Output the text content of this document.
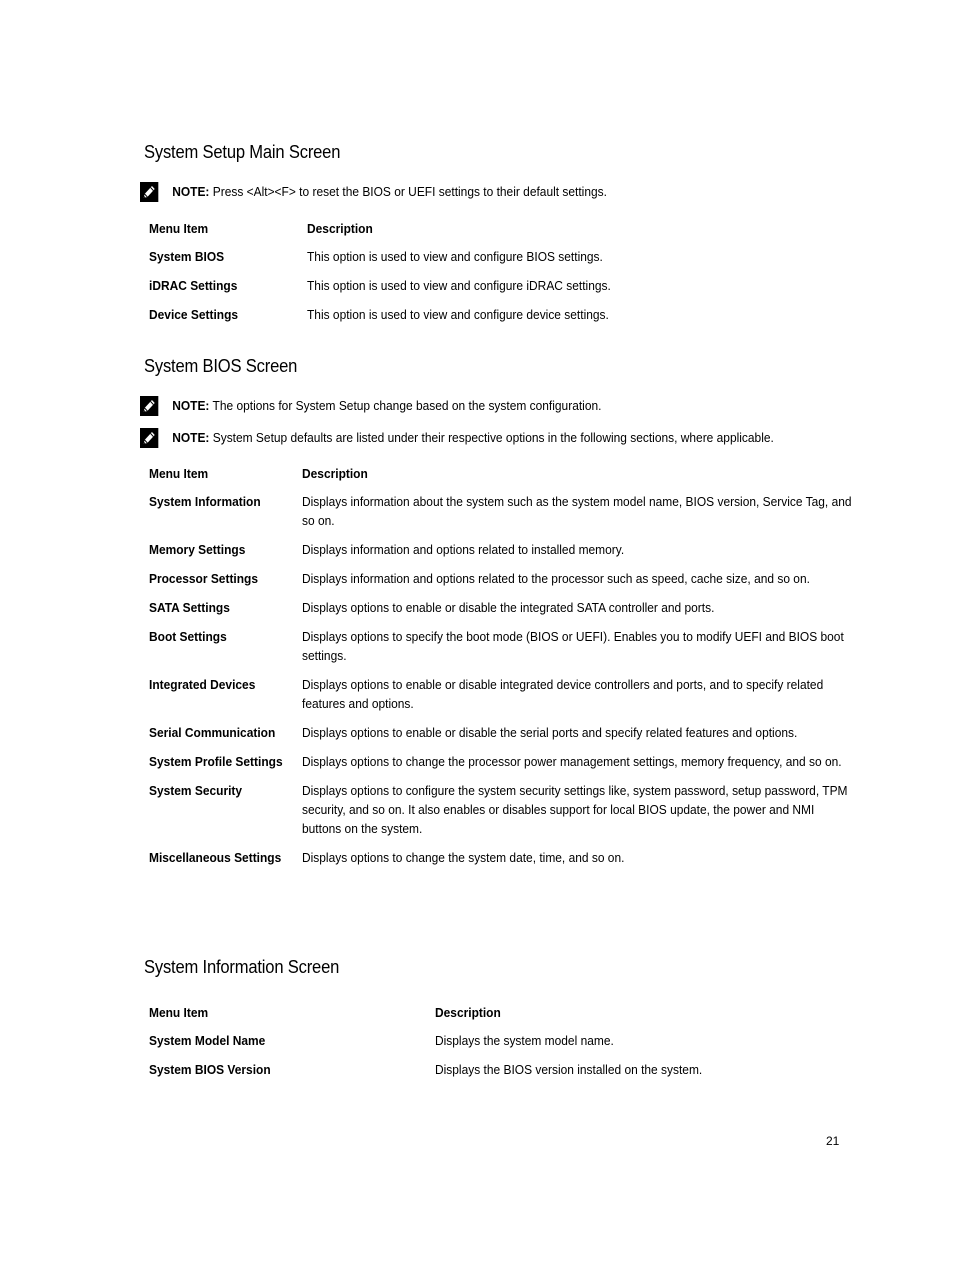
System Setup Main Screen
NOTE: Press <Alt><F> to reset the BIOS or UEFI settings to their default settings.
Menu Item	Description
System BIOS	This option is used to view and configure BIOS settings.
iDRAC Settings	This option is used to view and configure iDRAC settings.
Device Settings	This option is used to view and configure device settings.
System BIOS Screen
NOTE: The options for System Setup change based on the system configuration.
NOTE: System Setup defaults are listed under their respective options in the following sections, where applicable.
Menu Item	Description
System Information	Displays information about the system such as the system model name, BIOS version, Service Tag, and so on.
Memory Settings	Displays information and options related to installed memory.
Processor Settings	Displays information and options related to the processor such as speed, cache size, and so on.
SATA Settings	Displays options to enable or disable the integrated SATA controller and ports.
Boot Settings	Displays options to specify the boot mode (BIOS or UEFI). Enables you to modify UEFI and BIOS boot settings.
Integrated Devices	Displays options to enable or disable integrated device controllers and ports, and to specify related features and options.
Serial Communication	Displays options to enable or disable the serial ports and specify related features and options.
System Profile Settings	Displays options to change the processor power management settings, memory frequency, and so on.
System Security	Displays options to configure the system security settings like, system password, setup password, TPM security, and so on. It also enables or disables support for local BIOS update, the power and NMI buttons on the system.
Miscellaneous Settings	Displays options to change the system date, time, and so on.
System Information Screen
Menu Item	Description
System Model Name	Displays the system model name.
System BIOS Version	Displays the BIOS version installed on the system.
21
